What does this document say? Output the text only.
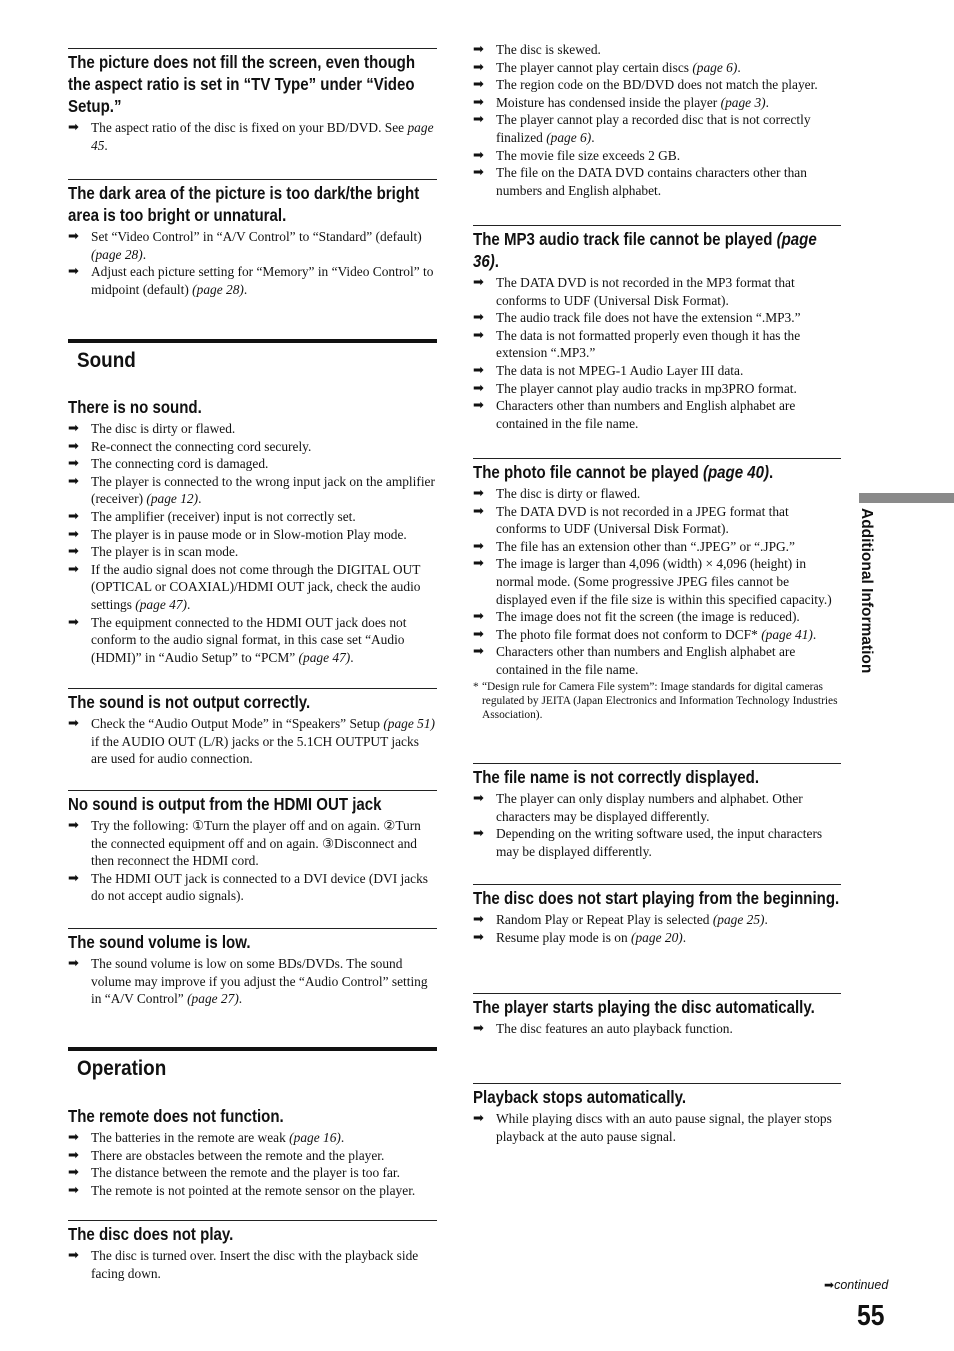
The picture does not fill the screen, even though the aspect ratio is set in “TV Type” under “Video Setup.”
➡ The aspect ratio of the disc is fixed on your BD/DVD. See page 45.
The dark area of the picture is too dark/the bright area is too bright or unnatural.
➡ Set “Video Control” in “A/V Control” to “Standard” (default) (page 28).
➡ Adjust each picture setting for “Memory” in “Video Control” to midpoint (default) (page 28).
Sound
There is no sound.
➡ The disc is dirty or flawed.
➡ Re-connect the connecting cord securely.
➡ The connecting cord is damaged.
➡ The player is connected to the wrong input jack on the amplifier (receiver) (page 12).
➡ The amplifier (receiver) input is not correctly set.
➡ The player is in pause mode or in Slow-motion Play mode.
➡ The player is in scan mode.
➡ If the audio signal does not come through the DIGITAL OUT (OPTICAL or COAXIAL)/HDMI OUT jack, check the audio settings (page 47).
➡ The equipment connected to the HDMI OUT jack does not conform to the audio signal format, in this case set “Audio (HDMI)” in “Audio Setup” to “PCM” (page 47).
The sound is not output correctly.
➡ Check the “Audio Output Mode” in “Speakers” Setup (page 51) if the AUDIO OUT (L/R) jacks or the 5.1CH OUTPUT jacks are used for audio connection.
No sound is output from the HDMI OUT jack
➡ Try the following: ①Turn the player off and on again. ②Turn the connected equipment off and on again. ③Disconnect and then reconnect the HDMI cord.
➡ The HDMI OUT jack is connected to a DVI device (DVI jacks do not accept audio signals).
The sound volume is low.
➡ The sound volume is low on some BDs/DVDs. The sound volume may improve if you adjust the “Audio Control” setting in “A/V Control” (page 27).
Operation
The remote does not function.
➡ The batteries in the remote are weak (page 16).
➡ There are obstacles between the remote and the player.
➡ The distance between the remote and the player is too far.
➡ The remote is not pointed at the remote sensor on the player.
The disc does not play.
➡ The disc is turned over. Insert the disc with the playback side facing down.
➡ The disc is skewed.
➡ The player cannot play certain discs (page 6).
➡ The region code on the BD/DVD does not match the player.
➡ Moisture has condensed inside the player (page 3).
➡ The player cannot play a recorded disc that is not correctly finalized (page 6).
➡ The movie file size exceeds 2 GB.
➡ The file on the DATA DVD contains characters other than numbers and English alphabet.
The MP3 audio track file cannot be played (page 36).
➡ The DATA DVD is not recorded in the MP3 format that conforms to UDF (Universal Disk Format).
➡ The audio track file does not have the extension “.MP3.”
➡ The data is not formatted properly even though it has the extension “.MP3.”
➡ The data is not MPEG-1 Audio Layer III data.
➡ The player cannot play audio tracks in mp3PRO format.
➡ Characters other than numbers and English alphabet are contained in the file name.
The photo file cannot be played (page 40).
➡ The disc is dirty or flawed.
➡ The DATA DVD is not recorded in a JPEG format that conforms to UDF (Universal Disk Format).
➡ The file has an extension other than “.JPEG” or “.JPG.”
➡ The image is larger than 4,096 (width) × 4,096 (height) in normal mode. (Some progressive JPEG files cannot be displayed even if the file size is within this specified capacity.)
➡ The image does not fit the screen (the image is reduced).
➡ The photo file format does not conform to DCF* (page 41).
➡ Characters other than numbers and English alphabet are contained in the file name.
* “Design rule for Camera File system”: Image standards for digital cameras regulated by JEITA (Japan Electronics and Information Technology Industries Association).
The file name is not correctly displayed.
➡ The player can only display numbers and alphabet. Other characters may be displayed differently.
➡ Depending on the writing software used, the input characters may be displayed differently.
The disc does not start playing from the beginning.
➡ Random Play or Repeat Play is selected (page 25).
➡ Resume play mode is on (page 20).
The player starts playing the disc automatically.
➡ The disc features an auto playback function.
Playback stops automatically.
➡ While playing discs with an auto pause signal, the player stops playback at the auto pause signal.
Additional Information
➡continued
55
